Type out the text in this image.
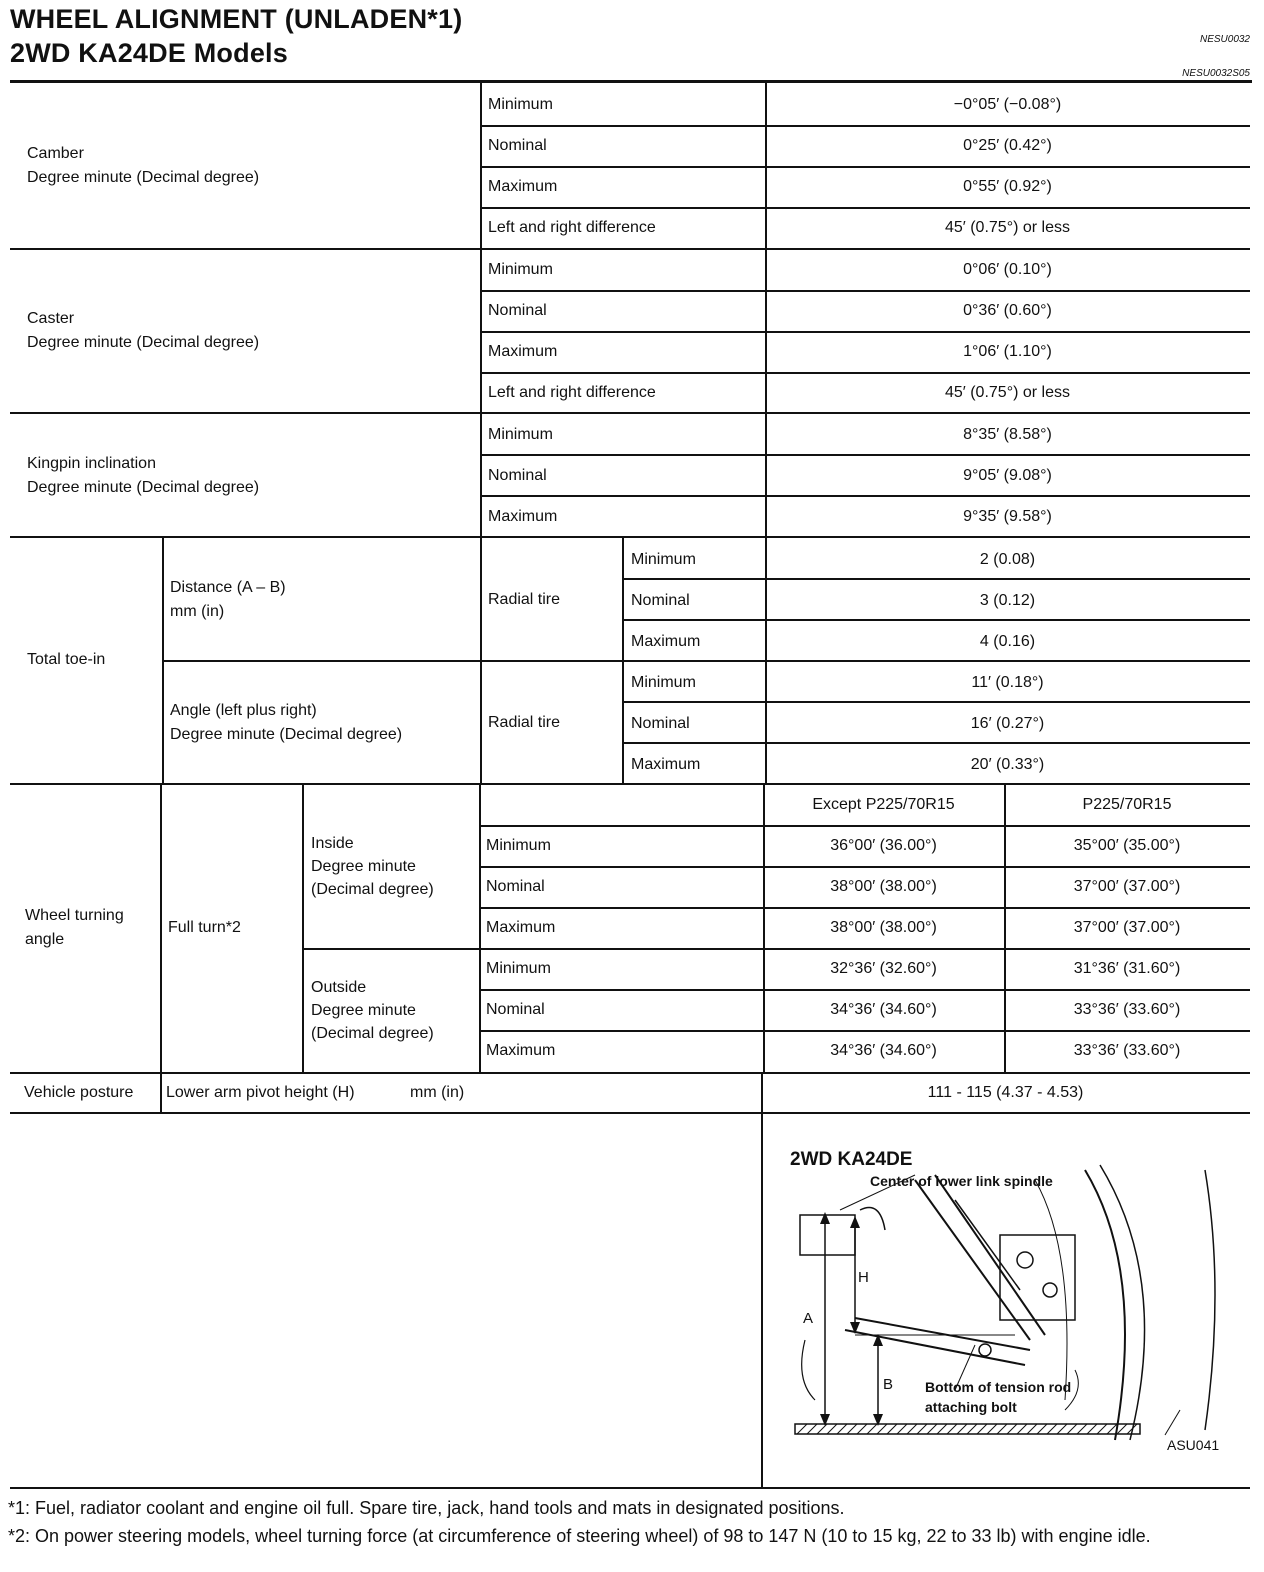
WHEEL ALIGNMENT (UNLADEN*1)
2WD KA24DE Models	NESU0032
NESU0032S05
Camber
Degree minute (Decimal degree)
Minimum	−0°05′ (−0.08°)
Nominal	0°25′ (0.42°)
Maximum	0°55′ (0.92°)
Left and right difference	45′ (0.75°) or less
Caster
Degree minute (Decimal degree)
Minimum	0°06′ (0.10°)
Nominal	0°36′ (0.60°)
Maximum	1°06′ (1.10°)
Left and right difference	45′ (0.75°) or less
Kingpin inclination
Degree minute (Decimal degree)
Minimum	8°35′ (8.58°)
Nominal	9°05′ (9.08°)
Maximum	9°35′ (9.58°)
Total toe-in
Distance (A – B)
mm (in)
Radial tire
Minimum	2 (0.08)
Nominal	3 (0.12)
Maximum	4 (0.16)
Angle (left plus right)
Degree minute (Decimal degree)
Radial tire
Minimum	11′ (0.18°)
Nominal	16′ (0.27°)
Maximum	20′ (0.33°)
Wheel turning
angle
Full turn*2
Except P225/70R15	P225/70R15
Inside
Degree minute
(Decimal degree)
Minimum	36°00′ (36.00°)	35°00′ (35.00°)
Nominal	38°00′ (38.00°)	37°00′ (37.00°)
Maximum	38°00′ (38.00°)	37°00′ (37.00°)
Outside
Degree minute
(Decimal degree)
Minimum	32°36′ (32.60°)	31°36′ (31.60°)
Nominal	34°36′ (34.60°)	33°36′ (33.60°)
Maximum	34°36′ (34.60°)	33°36′ (33.60°)
Vehicle posture Lower arm pivot height (H)	mm (in)	111 - 115 (4.37 - 4.53)
2WD KA24DE
Center of lower link spindle
A
H
B Bottom of tension rod
attaching bolt
ASU041
*1: Fuel, radiator coolant and engine oil full. Spare tire, jack, hand tools and mats in designated positions.
*2: On power steering models, wheel turning force (at circumference of steering wheel) of 98 to 147 N (10 to 15 kg, 22 to 33 lb) with engine idle.
